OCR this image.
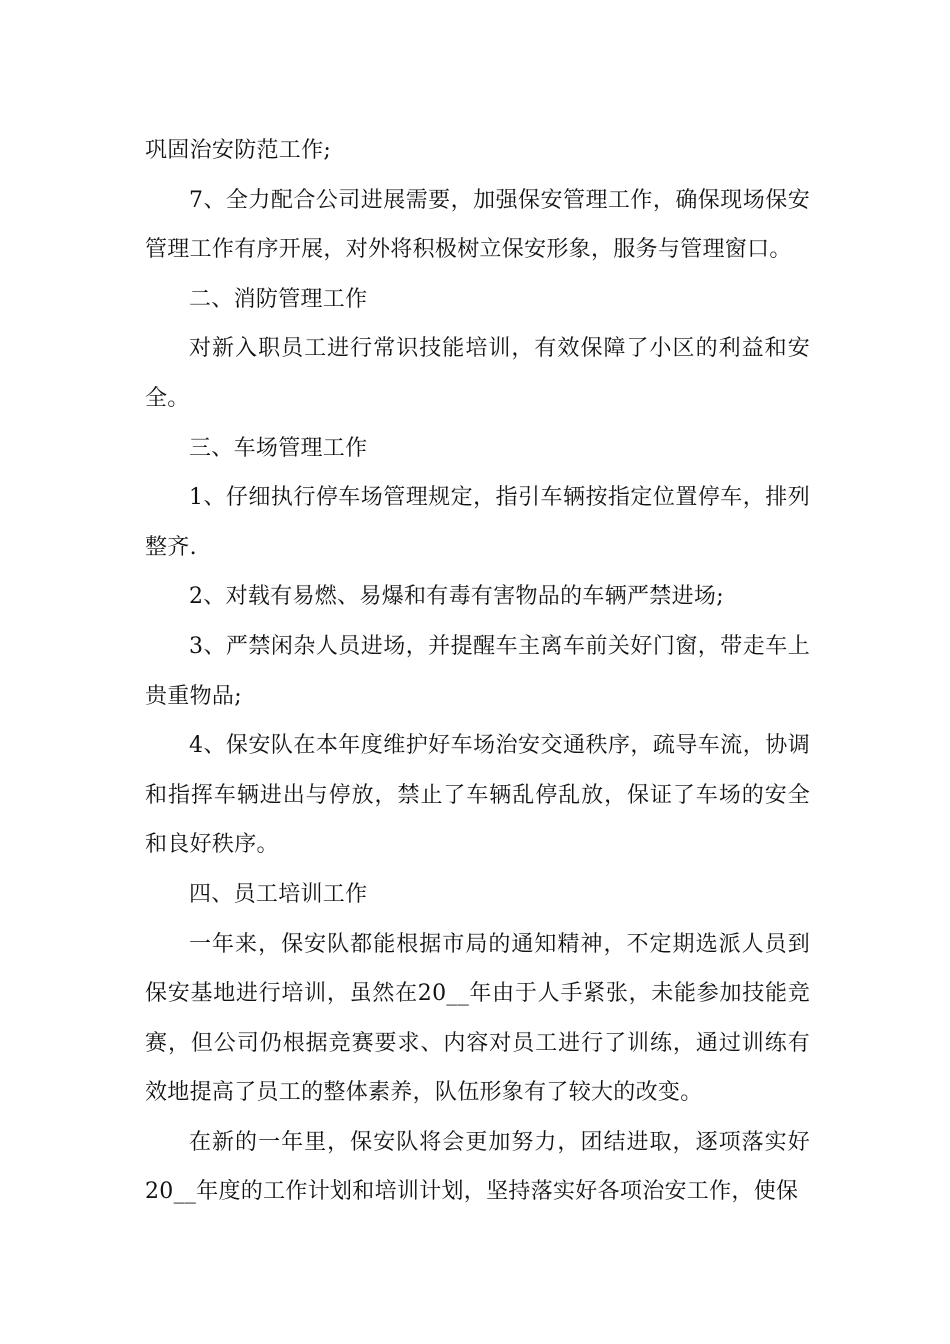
巩固治安防范工作;

7、全力配合公司进展需要，加强保安管理工作，确保现场保安管理工作有序开展，对外将积极树立保安形象，服务与管理窗口。

二、消防管理工作

对新入职员工进行常识技能培训，有效保障了小区的利益和安全。

三、车场管理工作

1、仔细执行停车场管理规定，指引车辆按指定位置停车，排列整齐.

2、对载有易燃、易爆和有毒有害物品的车辆严禁进场;

3、严禁闲杂人员进场，并提醒车主离车前关好门窗，带走车上贵重物品;

4、保安队在本年度维护好车场治安交通秩序，疏导车流，协调和指挥车辆进出与停放，禁止了车辆乱停乱放，保证了车场的安全和良好秩序。

四、员工培训工作

一年来，保安队都能根据市局的通知精神，不定期选派人员到保安基地进行培训，虽然在20__年由于人手紧张，未能参加技能竞赛，但公司仍根据竞赛要求、内容对员工进行了训练，通过训练有效地提高了员工的整体素养，队伍形象有了较大的改变。

在新的一年里，保安队将会更加努力，团结进取，逐项落实好20__年度的工作计划和培训计划，坚持落实好各项治安工作，使保
